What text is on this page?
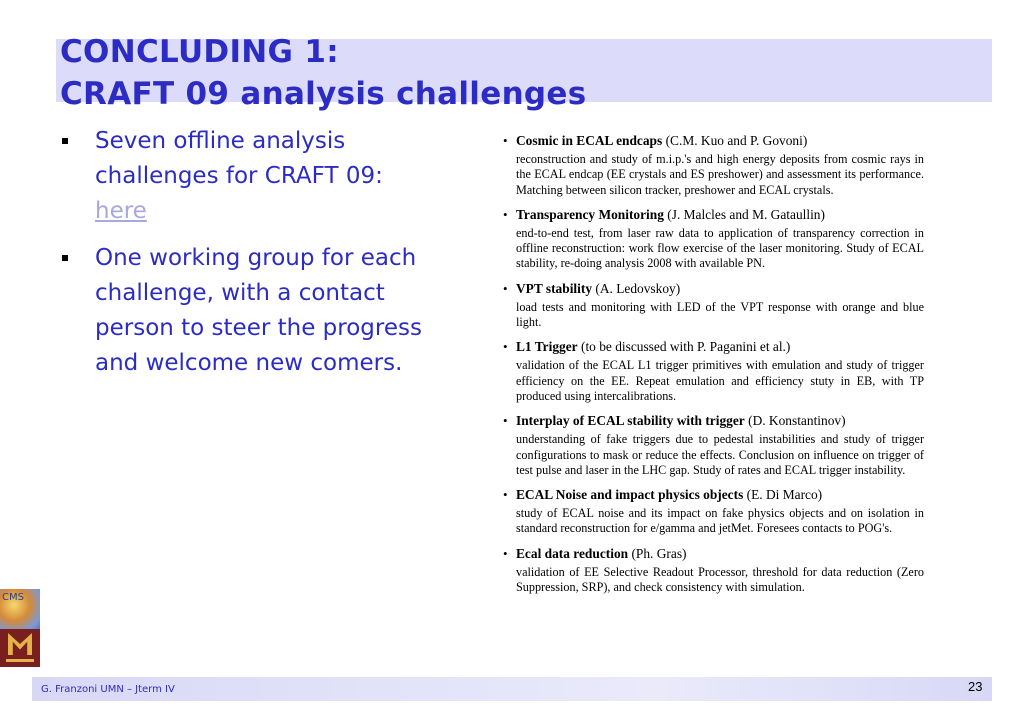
CONCLUDING 1:
CRAFT 09 analysis challenges
Seven offline analysis challenges for CRAFT 09:
here
One working group for each challenge, with a contact person to steer the progress and welcome new comers.
• Cosmic in ECAL endcaps (C.M. Kuo and P. Govoni)
reconstruction and study of m.i.p.'s and high energy deposits from cosmic rays in the ECAL endcap (EE crystals and ES preshower) and assessment its performance. Matching between silicon tracker, preshower and ECAL crystals.
• Transparency Monitoring (J. Malcles and M. Gataullin)
end-to-end test, from laser raw data to application of transparency correction in offline reconstruction: work flow exercise of the laser monitoring. Study of ECAL stability, re-doing analysis 2008 with available PN.
• VPT stability (A. Ledovskoy)
load tests and monitoring with LED of the VPT response with orange and blue light.
• L1 Trigger (to be discussed with P. Paganini et al.)
validation of the ECAL L1 trigger primitives with emulation and study of trigger efficiency on the EE. Repeat emulation and efficiency stuty in EB, with TP produced using intercalibrations.
• Interplay of ECAL stability with trigger (D. Konstantinov)
understanding of fake triggers due to pedestal instabilities and study of trigger configurations to mask or reduce the effects. Conclusion on influence on trigger of test pulse and laser in the LHC gap. Study of rates and ECAL trigger instability.
• ECAL Noise and impact physics objects (E. Di Marco)
study of ECAL noise and its impact on fake physics objects and on isolation in standard reconstruction for e/gamma and jetMet. Foresees contacts to POG's.
• Ecal data reduction (Ph. Gras)
validation of EE Selective Readout Processor, threshold for data reduction (Zero Suppression, SRP), and check consistency with simulation.
CMS
G. Franzoni UMN – Jterm IV	23
